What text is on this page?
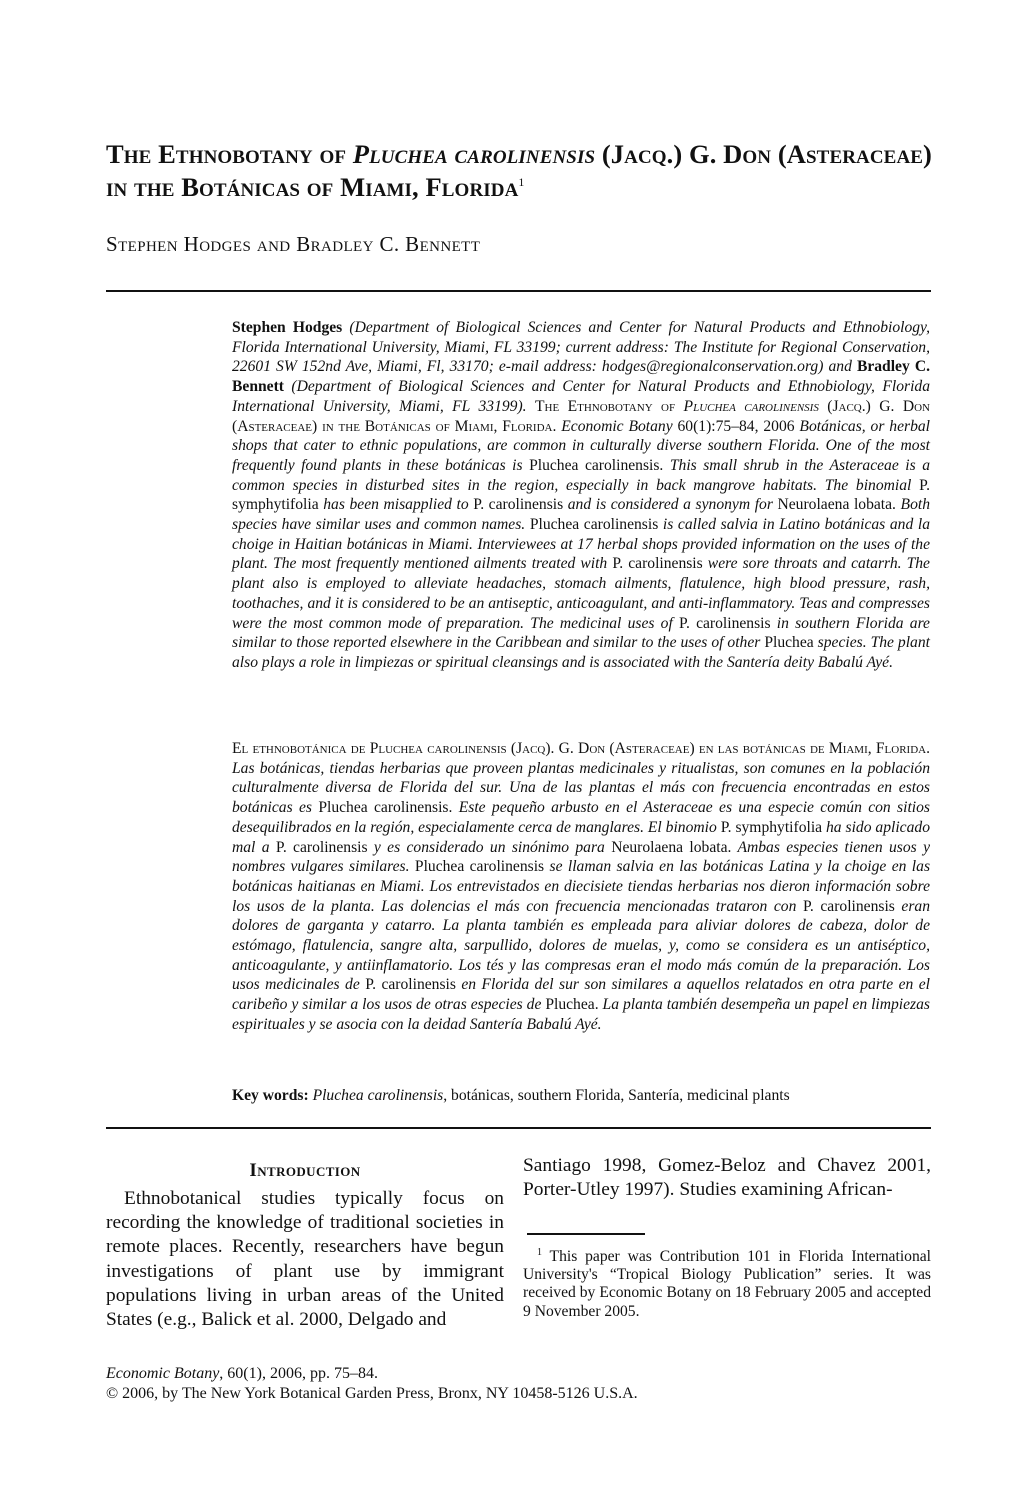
The Ethnobotany of Pluchea carolinensis (Jacq.) G. Don (Asteraceae) in the Botánicas of Miami, Florida$^1$

Stephen Hodges and Bradley C. Bennett

Stephen Hodges (Department of Biological Sciences and Center for Natural Products and Ethnobiology, Florida International University, Miami, FL 33199; current address: The Institute for Regional Conservation, 22601 SW 152nd Ave, Miami, Fl, 33170; e-mail address: hodges@regionalconservation.org) and Bradley C. Bennett (Department of Biological Sciences and Center for Natural Products and Ethnobiology, Florida International University, Miami, FL 33199). The Ethnobotany of Pluchea carolinensis (Jacq.) G. Don (Asteraceae) in the Botánicas of Miami, Florida. Economic Botany 60(1):75–84, 2006 Botánicas, or herbal shops that cater to ethnic populations, are common in culturally diverse southern Florida. One of the most frequently found plants in these botánicas is Pluchea carolinensis. This small shrub in the Asteraceae is a common species in disturbed sites in the region, especially in back mangrove habitats. The binomial P. symphytifolia has been misapplied to P. carolinensis and is considered a synonym for Neurolaena lobata. Both species have similar uses and common names. Pluchea carolinensis is called salvia in Latino botánicas and la choige in Haitian botánicas in Miami. Interviewees at 17 herbal shops provided information on the uses of the plant. The most frequently mentioned ailments treated with P. carolinensis were sore throats and catarrh. The plant also is employed to alleviate headaches, stomach ailments, flatulence, high blood pressure, rash, toothaches, and it is considered to be an antiseptic, anticoagulant, and anti-inflammatory. Teas and compresses were the most common mode of preparation. The medicinal uses of P. carolinensis in southern Florida are similar to those reported elsewhere in the Caribbean and similar to the uses of other Pluchea species. The plant also plays a role in limpiezas or spiritual cleansings and is associated with the Santería deity Babalú Ayé.

El ethnobotánica de Pluchea carolinensis (Jacq). G. Don (Asteraceae) en las botánicas de Miami, Florida. Las botánicas, tiendas herbarias que proveen plantas medicinales y ritualistas, son comunes en la población culturalmente diversa de Florida del sur. Una de las plantas el más con frecuencia encontradas en estos botánicas es Pluchea carolinensis. Este pequeño arbusto en el Asteraceae es una especie común con sitios desequilibrados en la región, especialamente cerca de manglares. El binomio P. symphytifolia ha sido aplicado mal a P. carolinensis y es considerado un sinónimo para Neurolaena lobata. Ambas especies tienen usos y nombres vulgares similares. Pluchea carolinensis se llaman salvia en las botánicas Latina y la choige en las botánicas haitianas en Miami. Los entrevistados en diecisiete tiendas herbarias nos dieron información sobre los usos de la planta. Las dolencias el más con frecuencia mencionadas trataron con P. carolinensis eran dolores de garganta y catarro. La planta también es empleada para aliviar dolores de cabeza, dolor de estómago, flatulencia, sangre alta, sarpullido, dolores de muelas, y, como se considera es un antiséptico, anticoagulante, y antiinflamatorio. Los tés y las compresas eran el modo más común de la preparación. Los usos medicinales de P. carolinensis en Florida del sur son similares a aquellos relatados en otra parte en el caribeño y similar a los usos de otras especies de Pluchea. La planta también desempeña un papel en limpiezas espirituales y se asocia con la deidad Santería Babalú Ayé.

Key words: Pluchea carolinensis, botánicas, southern Florida, Santería, medicinal plants

Introduction

Ethnobotanical studies typically focus on recording the knowledge of traditional societies in remote places. Recently, researchers have begun investigations of plant use by immigrant populations living in urban areas of the United States (e.g., Balick et al. 2000, Delgado and

Santiago 1998, Gomez-Beloz and Chavez 2001, Porter-Utley 1997). Studies examining African-

$^1$ This paper was Contribution 101 in Florida International University's “Tropical Biology Publication” series. It was received by Economic Botany on 18 February 2005 and accepted 9 November 2005.

Economic Botany, 60(1), 2006, pp. 75–84.
© 2006, by The New York Botanical Garden Press, Bronx, NY 10458-5126 U.S.A.
